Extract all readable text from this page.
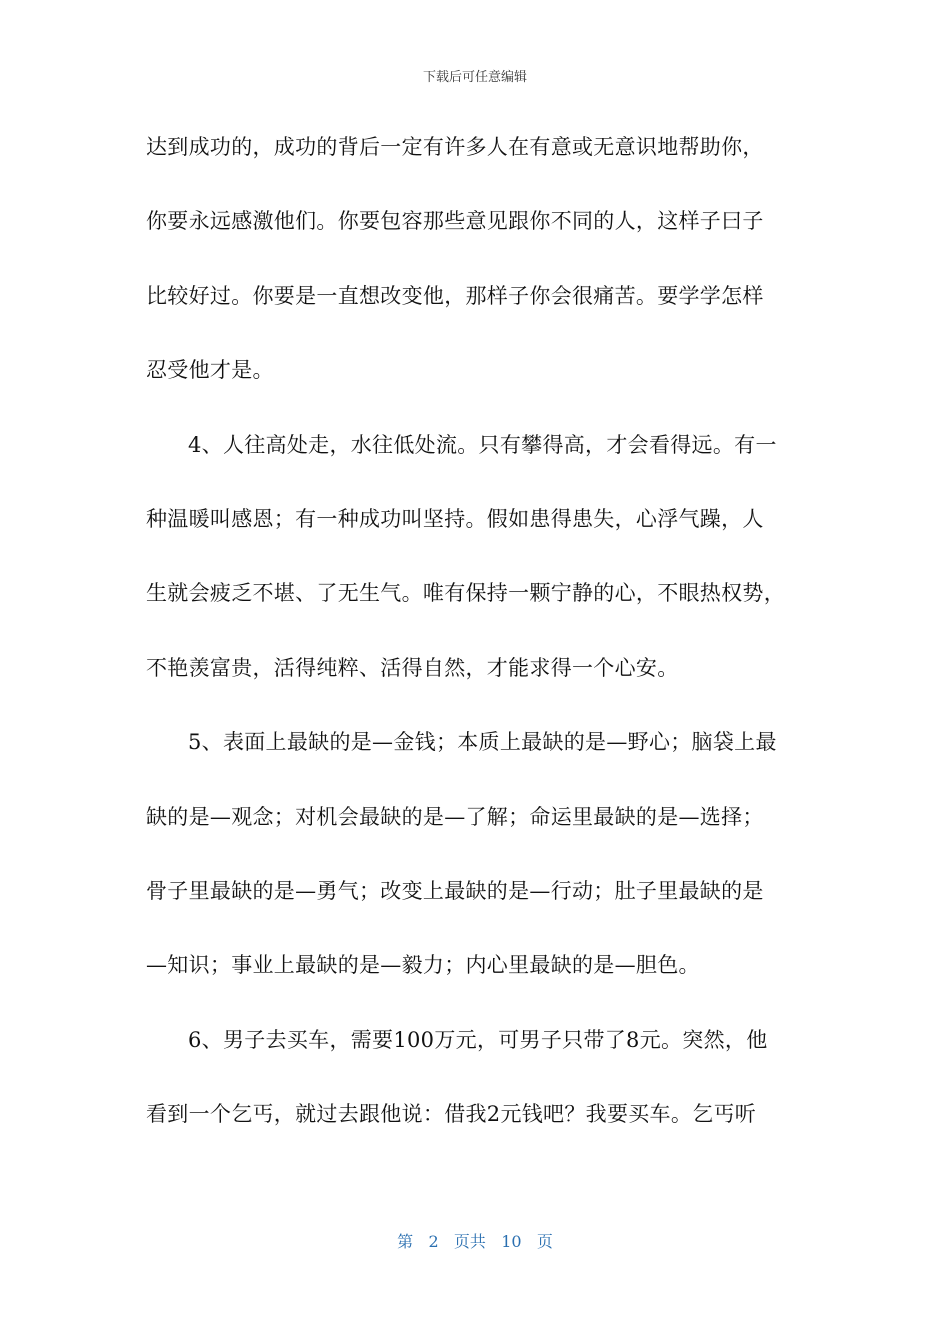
下载后可任意编辑
达到成功的，成功的背后一定有许多人在有意或无意识地帮助你，
你要永远感激他们。你要包容那些意见跟你不同的人，这样子曰子
比较好过。你要是一直想改变他，那样子你会很痛苦。要学学怎样
忍受他才是。
4、人往高处走，水往低处流。只有攀得高，才会看得远。有一
种温暖叫感恩；有一种成功叫坚持。假如患得患失，心浮气躁，人
生就会疲乏不堪、了无生气。唯有保持一颗宁静的心，不眼热权势，
不艳羡富贵，活得纯粹、活得自然，才能求得一个心安。
5、表面上最缺的是—金钱；本质上最缺的是—野心；脑袋上最
缺的是—观念；对机会最缺的是—了解；命运里最缺的是—选择；
骨子里最缺的是—勇气；改变上最缺的是—行动；肚子里最缺的是
—知识；事业上最缺的是—毅力；内心里最缺的是—胆色。
6、男子去买车，需要100万元，可男子只带了8元。突然，他
看到一个乞丐，就过去跟他说：借我2元钱吧？我要买车。乞丐听
第 2 页共 10 页
